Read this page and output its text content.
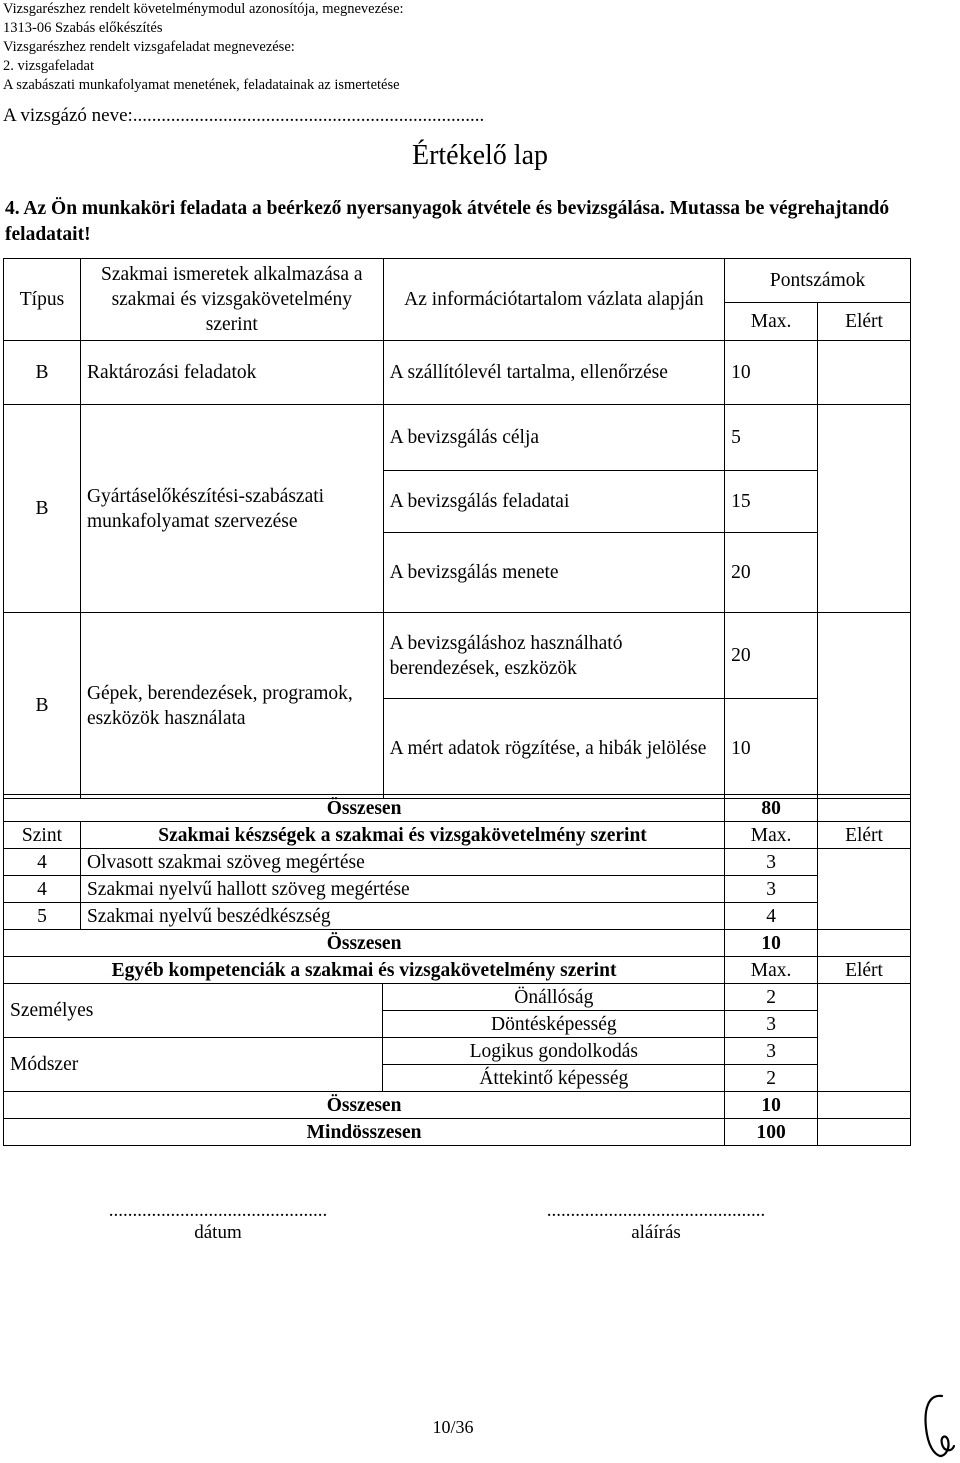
Vizsgarészhez rendelt követelménymodul azonosítója, megnevezése:
1313-06 Szabás előkészítés
Vizsgarészhez rendelt vizsgafeladat megnevezése:
2. vizsgafeladat
A szabászati munkafolyamat menetének, feladatainak az ismertetése
A vizsgázó neve:..........................................................................
Értékelő lap
4. Az Ön munkaköri feladata a beérkező nyersanyagok átvétele és bevizsgálása. Mutassa be végrehajtandó feladatait!
Típus	Szakmai ismeretek alkalmazása a szakmai és vizsgakövetelmény szerint	Az információtartalom vázlata alapján	Pontszámok	
			Max.	Elért
B	Raktározási feladatok	A szállítólevél tartalma, ellenőrzése	10	
B	Gyártáselőkészítési-szabászati munkafolyamat szervezése	A bevizsgálás célja	5	
		A bevizsgálás feladatai	15	
		A bevizsgálás menete	20	
B	Gépek, berendezések, programok, eszközök használata	A bevizsgáláshoz használható berendezések, eszközök	20	
		A mért adatok rögzítése, a hibák jelölése	10	
Összesen			80	
Szint	Szakmai készségek a szakmai és vizsgakövetelmény szerint		Max.	Elért
4	Olvasott szakmai szöveg megértése		3	
4	Szakmai nyelvű hallott szöveg megértése		3	
5	Szakmai nyelvű beszédkészség		4	
Összesen			10	
Egyéb kompetenciák a szakmai és vizsgakövetelmény szerint			Max.	Elért
Személyes		Önállóság	2	
		Döntésképesség	3	
Módszer		Logikus gondolkodás	3	
		Áttekintő képesség	2	
Összesen			10	
Mindösszesen			100	
..............................................
dátum
..............................................
aláírás
10/36
